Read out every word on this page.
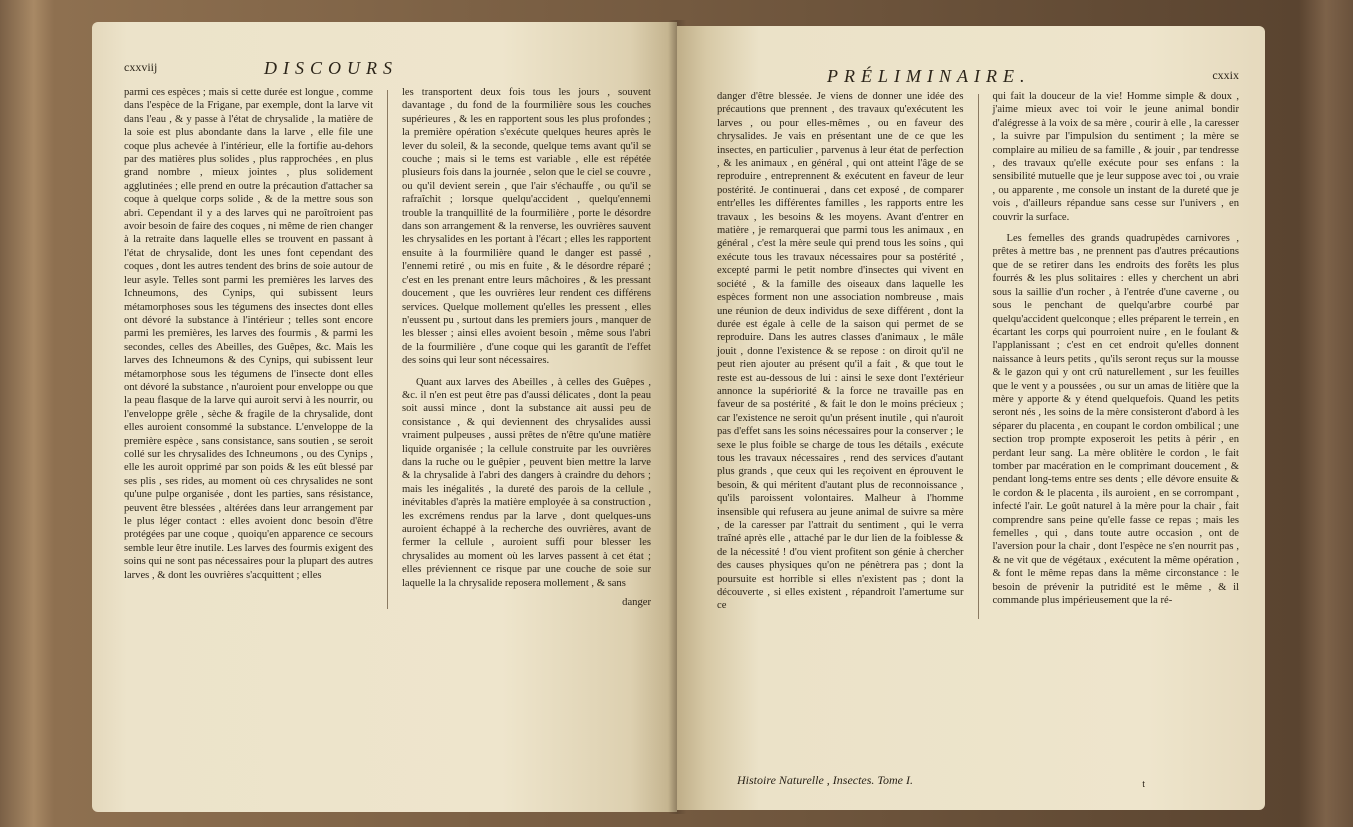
cxxviij	DISCOURS

parmi ces espèces ; mais si cette durée est longue , comme dans l'espèce de la Frigane, par exemple, dont la larve vit dans l'eau , & y passe à l'état de chrysalide , la matière de la soie est plus abondante dans la larve , elle file une coque plus achevée à l'intérieur, elle la fortifie au-dehors par des matières plus solides , plus rapprochées , en plus grand nombre , mieux jointes , plus solidement agglutinées ; elle prend en outre la précaution d'attacher sa coque à quelque corps solide , & de la mettre sous son abri. Cependant il y a des larves qui ne paroîtroient pas avoir besoin de faire des coques , ni même de rien changer à la retraite dans laquelle elles se trouvent en passant à l'état de chrysalide, dont les unes font cependant des coques , dont les autres tendent des brins de soie autour de leur asyle. Telles sont parmi les premières les larves des Ichneumons, des Cynips, qui subissent leurs métamorphoses sous les tégumens des insectes dont elles ont dévoré la substance à l'intérieur ; telles sont encore parmi les premières, les larves des fourmis , & parmi les secondes, celles des Abeilles, des Guêpes, &c. Mais les larves des Ichneumons & des Cynips, qui subissent leur métamorphose sous les tégumens de l'insecte dont elles ont dévoré la substance , n'auroient pour enveloppe ou que la peau flasque de la larve qui auroit servi à les nourrir, ou l'enveloppe grêle , sèche & fragile de la chrysalide, dont elles auroient consommé la substance. L'enveloppe de la première espèce , sans consistance, sans soutien , se seroit collé sur les chrysalides des Ichneumons , ou des Cynips , elle les auroit opprimé par son poids & les eût blessé par ses plis , ses rides, au moment où ces chrysalides ne sont qu'une pulpe organisée , dont les parties, sans résistance, peuvent être blessées , altérées dans leur arrangement par le plus léger contact : elles avoient donc besoin d'être protégées par une coque , quoiqu'en apparence ce secours semble leur être inutile. Les larves des fourmis exigent des soins qui ne sont pas nécessaires pour la plupart des autres larves , & dont les ouvrières s'acquittent ; elles

les transportent deux fois tous les jours , souvent davantage , du fond de la fourmilière sous les couches supérieures , & les en rapportent sous les plus profondes ; la première opération s'exécute quelques heures après le lever du soleil, & la seconde, quelque tems avant qu'il se couche ; mais si le tems est variable , elle est répétée plusieurs fois dans la journée , selon que le ciel se couvre , ou qu'il devient serein , que l'air s'échauffe , ou qu'il se rafraîchit ; lorsque quelqu'accident , quelqu'ennemi trouble la tranquillité de la fourmilière , porte le désordre dans son arrangement & la renverse, les ouvrières sauvent les chrysalides en les portant à l'écart ; elles les rapportent ensuite à la fourmilière quand le danger est passé , l'ennemi retiré , ou mis en fuite , & le désordre réparé ; c'est en les prenant entre leurs mâchoires , & les pressant doucement , que les ouvrières leur rendent ces différens services. Quelque mollement qu'elles les pressent , elles n'eussent pu , surtout dans les premiers jours , manquer de les blesser ; ainsi elles avoient besoin , même sous l'abri de la fourmilière , d'une coque qui les garantît de l'effet des soins qui leur sont nécessaires.

Quant aux larves des Abeilles , à celles des Guêpes , &c. il n'en est peut être pas d'aussi délicates , dont la peau soit aussi mince , dont la substance ait aussi peu de consistance , & qui deviennent des chrysalides aussi vraiment pulpeuses , aussi prêtes de n'être qu'une matière liquide organisée ; la cellule construite par les ouvrières dans la ruche ou le guêpier , peuvent bien mettre la larve & la chrysalide à l'abri des dangers à craindre du dehors ; mais les inégalités , la dureté des parois de la cellule , inévitables d'après la matière employée à sa construction , les excrémens rendus par la larve , dont quelques-uns auroient échappé à la recherche des ouvrières, avant de fermer la cellule , auroient suffi pour blesser les chrysalides au moment où les larves passent à cet état ; elles préviennent ce risque par une couche de soie sur laquelle la la chrysalide reposera mollement , & sans

danger
PRÉLIMINAIRE.	cxxix

danger d'être blessée. Je viens de donner une idée des précautions que prennent , des travaux qu'exécutent les larves , ou pour elles-mêmes , ou en faveur des chrysalides. Je vais en présentant une de ce que les insectes, en particulier , parvenus à leur état de perfection , & les animaux , en général , qui ont atteint l'âge de se reproduire , entreprennent & exécutent en faveur de leur postérité. Je continuerai , dans cet exposé , de comparer entr'elles les différentes familles , les rapports entre les travaux , les besoins & les moyens. Avant d'entrer en matière , je remarquerai que parmi tous les animaux , en général , c'est la mère seule qui prend tous les soins , qui exécute tous les travaux nécessaires pour sa postérité , excepté parmi le petit nombre d'insectes qui vivent en société , & la famille des oiseaux dans laquelle les espèces forment non une association nombreuse , mais une réunion de deux individus de sexe différent , dont la durée est égale à celle de la saison qui permet de se reproduire. Dans les autres classes d'animaux , le mâle jouit , donne l'existence & se repose : on diroit qu'il ne peut rien ajouter au présent qu'il a fait , & que tout le reste est au-dessous de lui : ainsi le sexe dont l'extérieur annonce la supériorité & la force ne travaille pas en faveur de sa postérité , & fait le don le moins précieux ; car l'existence ne seroit qu'un présent inutile , qui n'auroit pas d'effet sans les soins nécessaires pour la conserver ; le sexe le plus foible se charge de tous les détails , exécute tous les travaux nécessaires , rend des services d'autant plus grands , que ceux qui les reçoivent en éprouvent le besoin, & qui méritent d'autant plus de reconnoissance , qu'ils paroissent volontaires. Malheur à l'homme insensible qui refusera au jeune animal de suivre sa mère , de la caresser par l'attrait du sentiment , qui le verra traîné après elle , attaché par le dur lien de la foiblesse & de la nécessité ! d'ou vient profitent son génie à chercher des causes physiques qu'on ne pénètrera pas ; dont la poursuite est horrible si elles n'existent pas ; dont la découverte , si elles existent , répandroit l'amertume sur ce

qui fait la douceur de la vie! Homme simple & doux , j'aime mieux avec toi voir le jeune animal bondir d'alégresse à la voix de sa mère , courir à elle , la caresser , la suivre par l'impulsion du sentiment ; la mère se complaire au milieu de sa famille , & jouir , par tendresse , des travaux qu'elle exécute pour ses enfans : la sensibilité mutuelle que je leur suppose avec toi , ou vraie , ou apparente , me console un instant de la dureté que je vois , d'ailleurs répandue sans cesse sur l'univers , en couvrir la surface.

Les femelles des grands quadrupèdes carnivores , prêtes à mettre bas , ne prennent pas d'autres précautions que de se retirer dans les endroits des forêts les plus fourrés & les plus solitaires : elles y cherchent un abri sous la saillie d'un rocher , à l'entrée d'une caverne , ou sous le penchant de quelqu'arbre courbé par quelqu'accident quelconque ; elles préparent le terrein , en écartant les corps qui pourroient nuire , en le foulant & l'applanissant ; c'est en cet endroit qu'elles donnent naissance à leurs petits , qu'ils seront reçus sur la mousse & le gazon qui y ont crû naturellement , sur les feuilles que le vent y a poussées , ou sur un amas de litière que la mère y apporte & y étend quelquefois. Quand les petits seront nés , les soins de la mère consisteront d'abord à les séparer du placenta , en coupant le cordon ombilical ; une section trop prompte exposeroit les petits à périr , en perdant leur sang. La mère oblitère le cordon , le fait tomber par macération en le comprimant doucement , & pendant long-tems entre ses dents ; elle dévore ensuite & le cordon & le placenta , ils auroient , en se corrompant , infecté l'air. Le goût naturel à la mère pour la chair , fait comprendre sans peine qu'elle fasse ce repas ; mais les femelles , qui , dans toute autre occasion , ont de l'aversion pour la chair , dont l'espèce ne s'en nourrit pas , & ne vit que de végétaux , exécutent la même opération , & font le même repas dans la même circonstance : le besoin de prévenir la putridité est le même , & il commande plus impérieusement que la ré-

Histoire Naturelle , Insectes. Tome I.	t
